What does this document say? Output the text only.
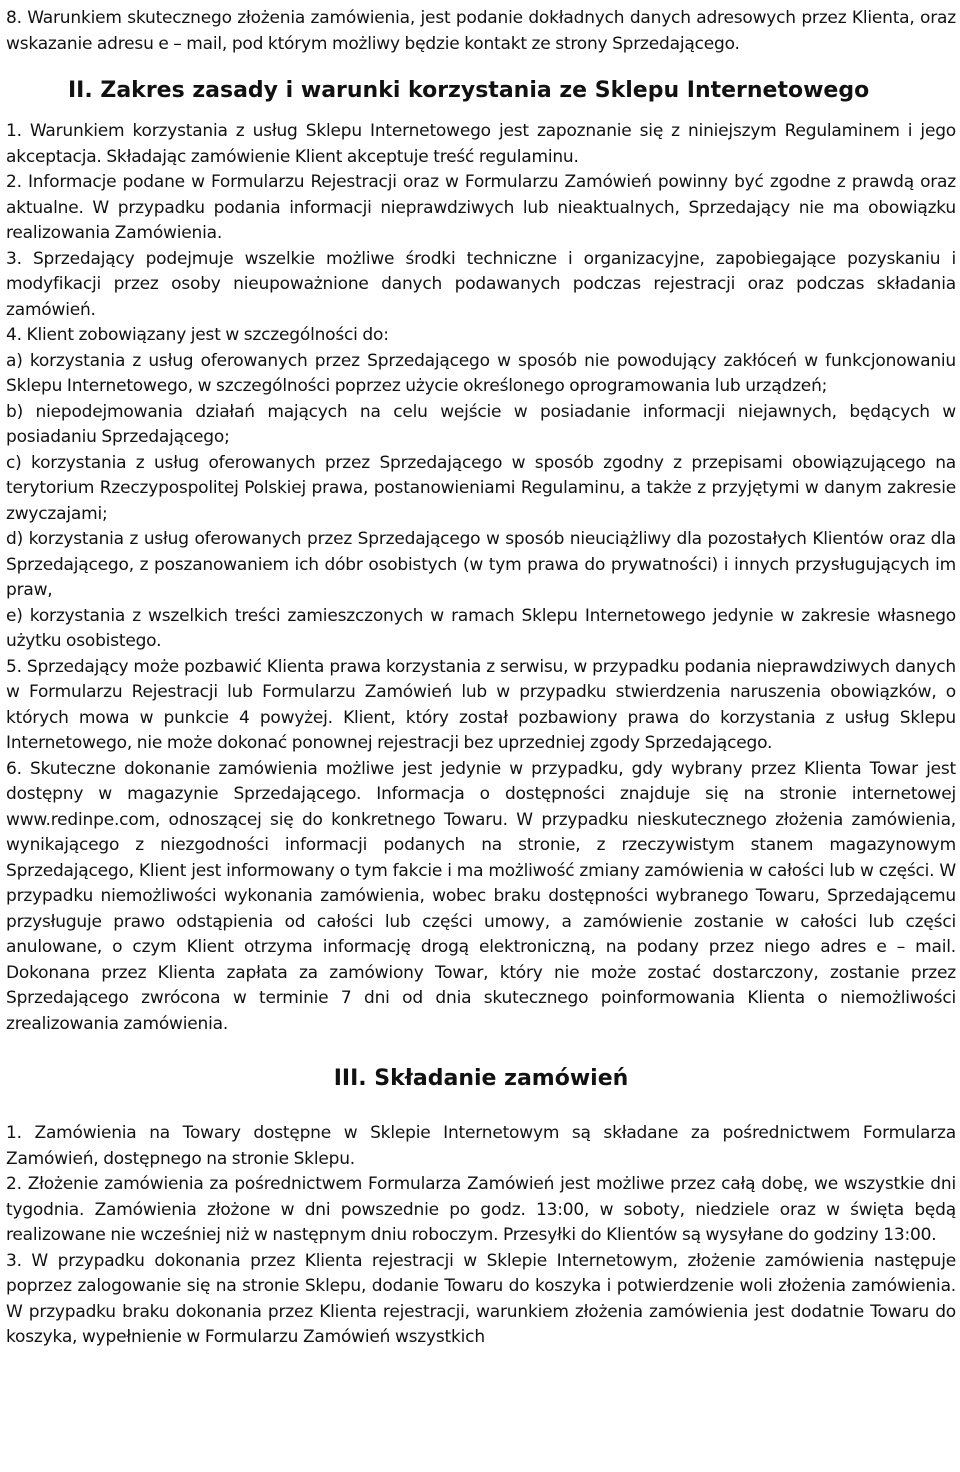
8. Warunkiem skutecznego złożenia zamówienia, jest podanie dokładnych danych adresowych przez Klienta, oraz wskazanie adresu e – mail, pod którym możliwy będzie kontakt ze strony Sprzedającego.

II. Zakres zasady i warunki korzystania ze Sklepu Internetowego

1. Warunkiem korzystania z usług Sklepu Internetowego jest zapoznanie się z niniejszym Regulaminem i jego akceptacja. Składając zamówienie Klient akceptuje treść regulaminu.

2. Informacje podane w Formularzu Rejestracji oraz w Formularzu Zamówień powinny być zgodne z prawdą oraz aktualne. W przypadku podania informacji nieprawdziwych lub nieaktualnych, Sprzedający nie ma obowiązku realizowania Zamówienia.

3. Sprzedający podejmuje wszelkie możliwe środki techniczne i organizacyjne, zapobiegające pozyskaniu i modyfikacji przez osoby nieupoważnione danych podawanych podczas rejestracji oraz podczas składania zamówień.

4. Klient zobowiązany jest w szczególności do:

a) korzystania z usług oferowanych przez Sprzedającego w sposób nie powodujący zakłóceń w funkcjonowaniu Sklepu Internetowego, w szczególności poprzez użycie określonego oprogramowania lub urządzeń;

b) niepodejmowania działań mających na celu wejście w posiadanie informacji niejawnych, będących w posiadaniu Sprzedającego;

c) korzystania z usług oferowanych przez Sprzedającego w sposób zgodny z przepisami obowiązującego na terytorium Rzeczypospolitej Polskiej prawa, postanowieniami Regulaminu, a także z przyjętymi w danym zakresie zwyczajami;

d) korzystania z usług oferowanych przez Sprzedającego w sposób nieuciążliwy dla pozostałych Klientów oraz dla Sprzedającego, z poszanowaniem ich dóbr osobistych (w tym prawa do prywatności) i innych przysługujących im praw,

e) korzystania z wszelkich treści zamieszczonych w ramach Sklepu Internetowego jedynie w zakresie własnego użytku osobistego.

5. Sprzedający może pozbawić Klienta prawa korzystania z serwisu, w przypadku podania nieprawdziwych danych w Formularzu Rejestracji lub Formularzu Zamówień lub w przypadku stwierdzenia naruszenia obowiązków, o których mowa w punkcie 4 powyżej. Klient, który został pozbawiony prawa do korzystania z usług Sklepu Internetowego, nie może dokonać ponownej rejestracji bez uprzedniej zgody Sprzedającego.

6. Skuteczne dokonanie zamówienia możliwe jest jedynie w przypadku, gdy wybrany przez Klienta Towar jest dostępny w magazynie Sprzedającego. Informacja o dostępności znajduje się na stronie internetowej www.redinpe.com, odnoszącej się do konkretnego Towaru. W przypadku nieskutecznego złożenia zamówienia, wynikającego z niezgodności informacji podanych na stronie, z rzeczywistym stanem magazynowym Sprzedającego, Klient jest informowany o tym fakcie i ma możliwość zmiany zamówienia w całości lub w części. W przypadku niemożliwości wykonania zamówienia, wobec braku dostępności wybranego Towaru, Sprzedającemu przysługuje prawo odstąpienia od całości lub części umowy, a zamówienie zostanie w całości lub części anulowane, o czym Klient otrzyma informację drogą elektroniczną, na podany przez niego adres e – mail. Dokonana przez Klienta zapłata za zamówiony Towar, który nie może zostać dostarczony, zostanie przez Sprzedającego zwrócona w terminie 7 dni od dnia skutecznego poinformowania Klienta o niemożliwości zrealizowania zamówienia.

III. Składanie zamówień

1. Zamówienia na Towary dostępne w Sklepie Internetowym są składane za pośrednictwem Formularza Zamówień, dostępnego na stronie Sklepu.

2. Złożenie zamówienia za pośrednictwem Formularza Zamówień jest możliwe przez całą dobę, we wszystkie dni tygodnia. Zamówienia złożone w dni powszednie po godz. 13:00, w soboty, niedziele oraz w święta będą realizowane nie wcześniej niż w następnym dniu roboczym. Przesyłki do Klientów są wysyłane do godziny 13:00.

3. W przypadku dokonania przez Klienta rejestracji w Sklepie Internetowym, złożenie zamówienia następuje poprzez zalogowanie się na stronie Sklepu, dodanie Towaru do koszyka i potwierdzenie woli złożenia zamówienia. W przypadku braku dokonania przez Klienta rejestracji, warunkiem złożenia zamówienia jest dodatnie Towaru do koszyka, wypełnienie w Formularzu Zamówień wszystkich
